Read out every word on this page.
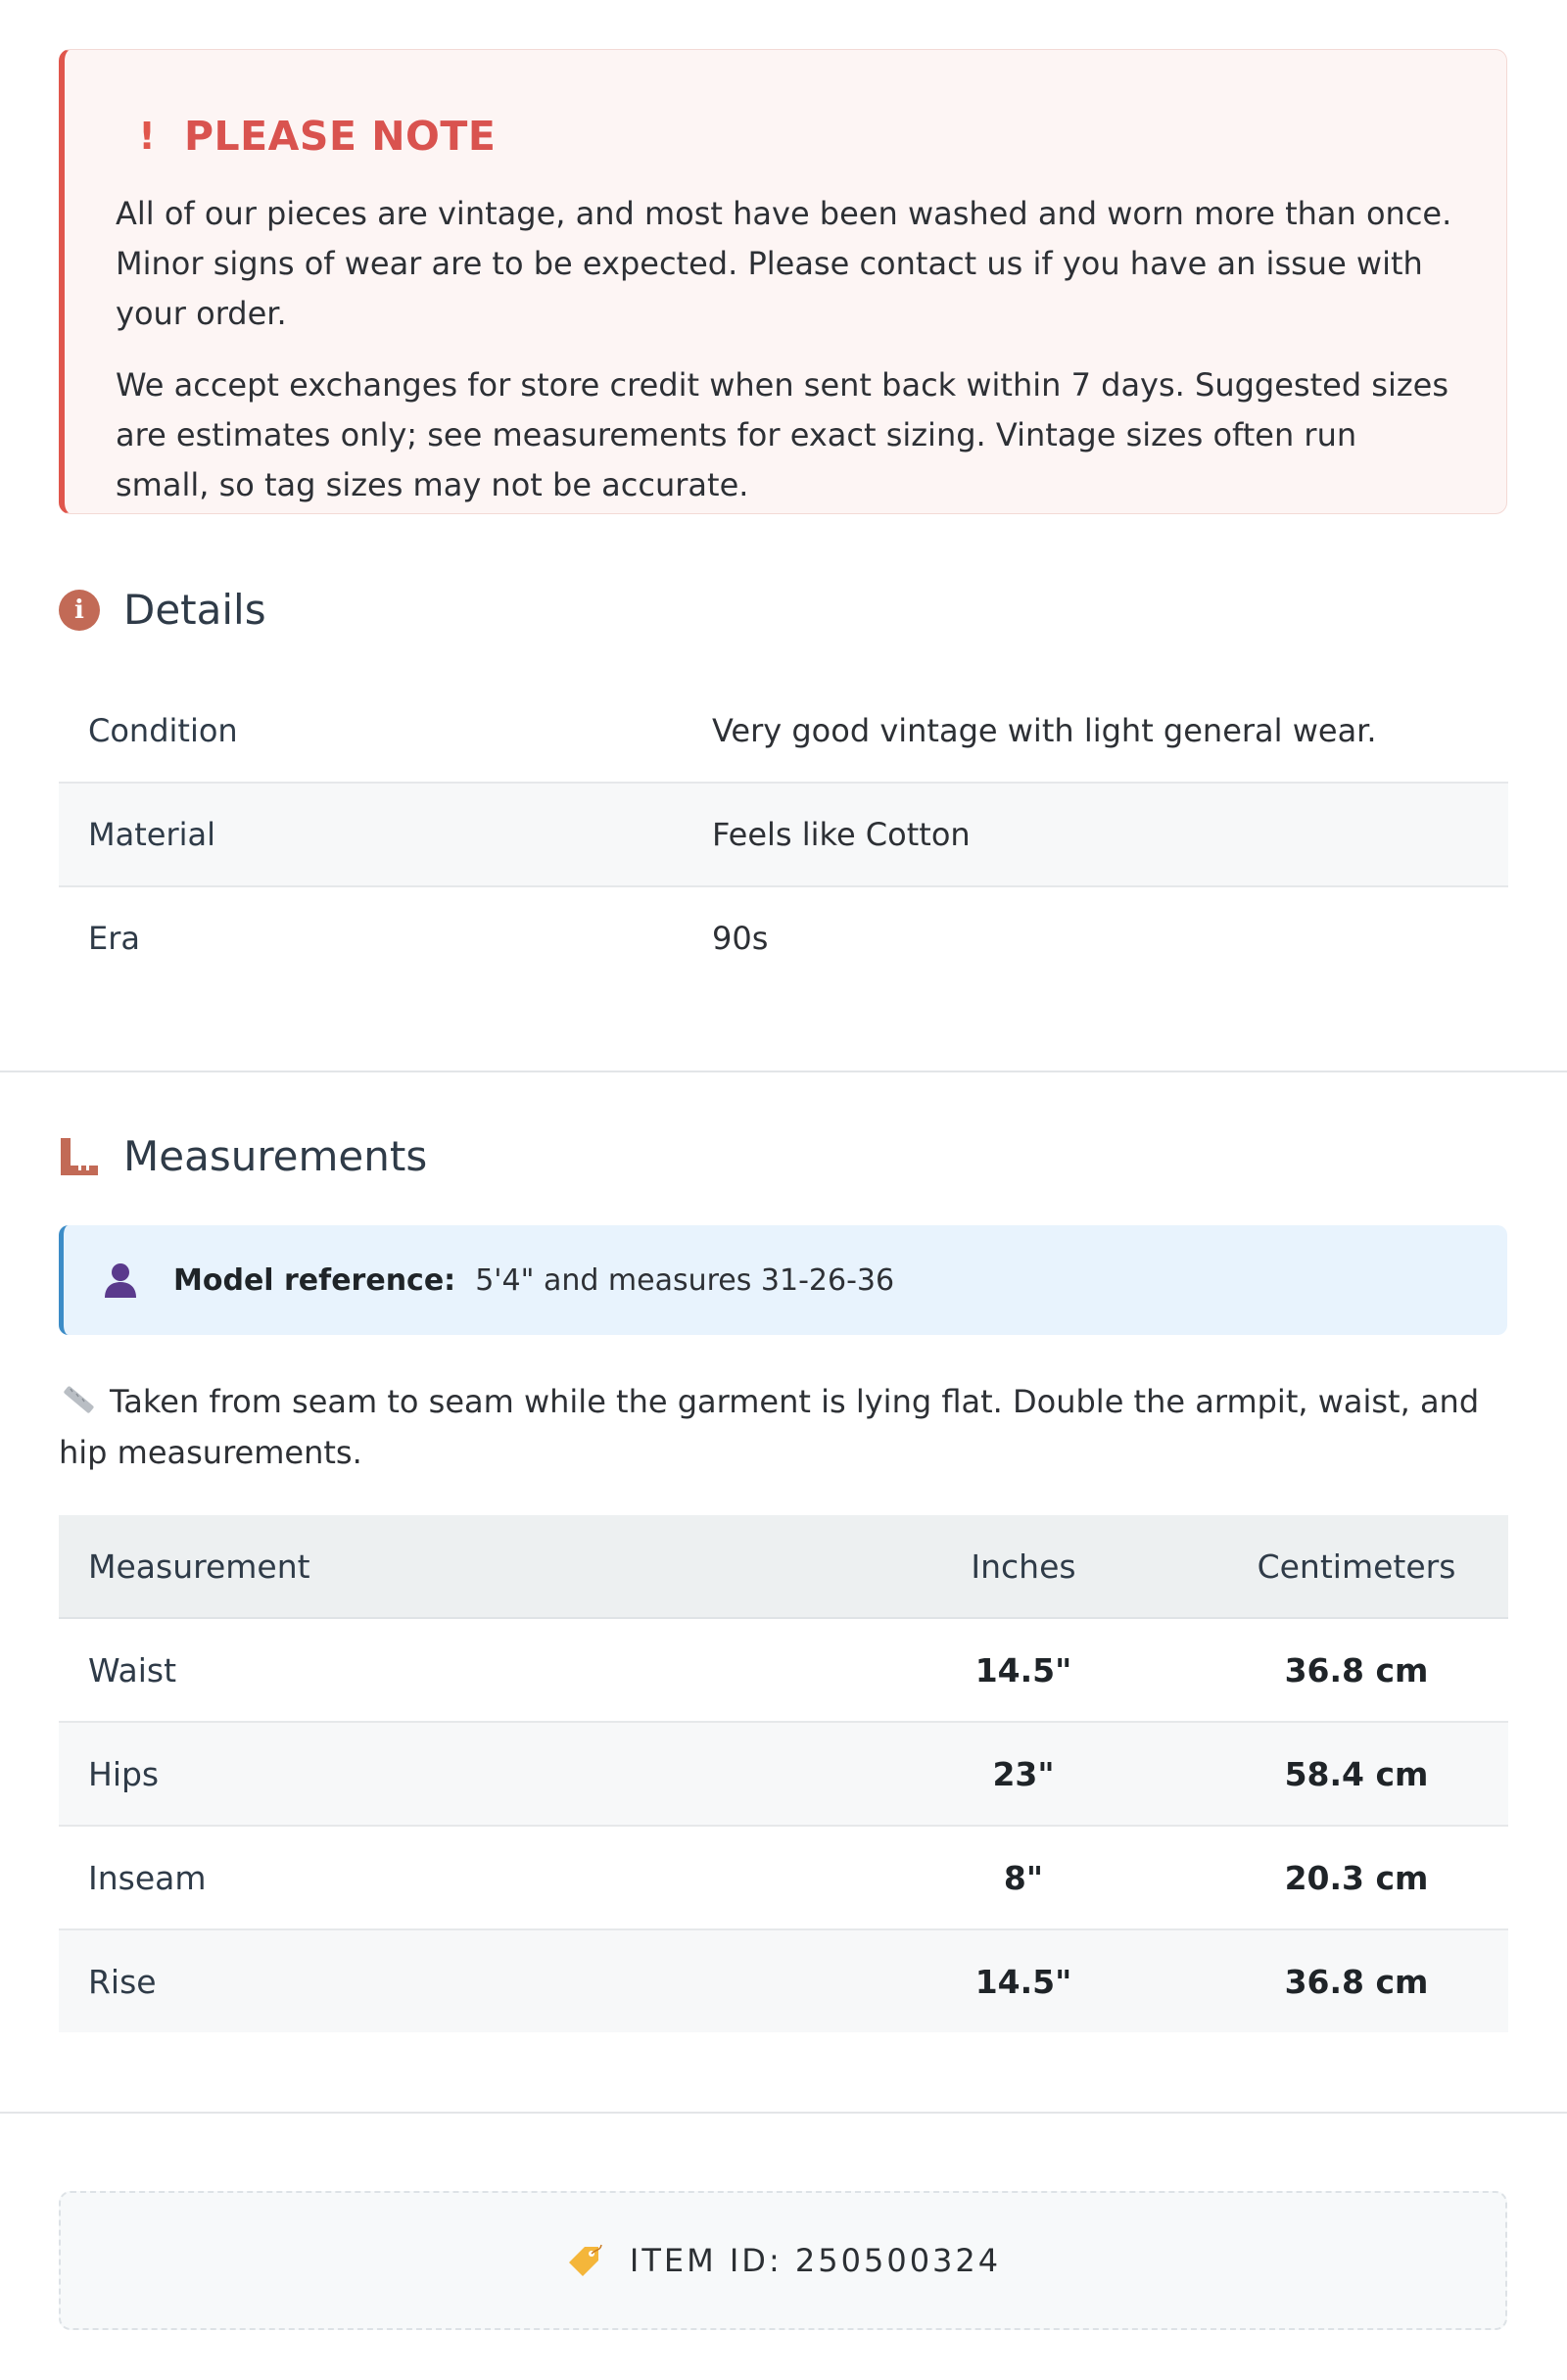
! PLEASE NOTE

All of our pieces are vintage, and most have been washed and worn more than once. Minor signs of wear are to be expected. Please contact us if you have an issue with your order.

We accept exchanges for store credit when sent back within 7 days. Suggested sizes are estimates only; see measurements for exact sizing. Vintage sizes often run small, so tag sizes may not be accurate.

i Details
Condition	Very good vintage with light general wear.
Material	Feels like Cotton
Era	90s
Measurements
Model reference: 5'4" and measures 31-26-36
Taken from seam to seam while the garment is lying flat. Double the armpit, waist, and hip measurements.
Measurement	Inches	Centimeters
Waist	14.5"	36.8 cm
Hips	23"	58.4 cm
Inseam	8"	20.3 cm
Rise	14.5"	36.8 cm
ITEM ID: 250500324
